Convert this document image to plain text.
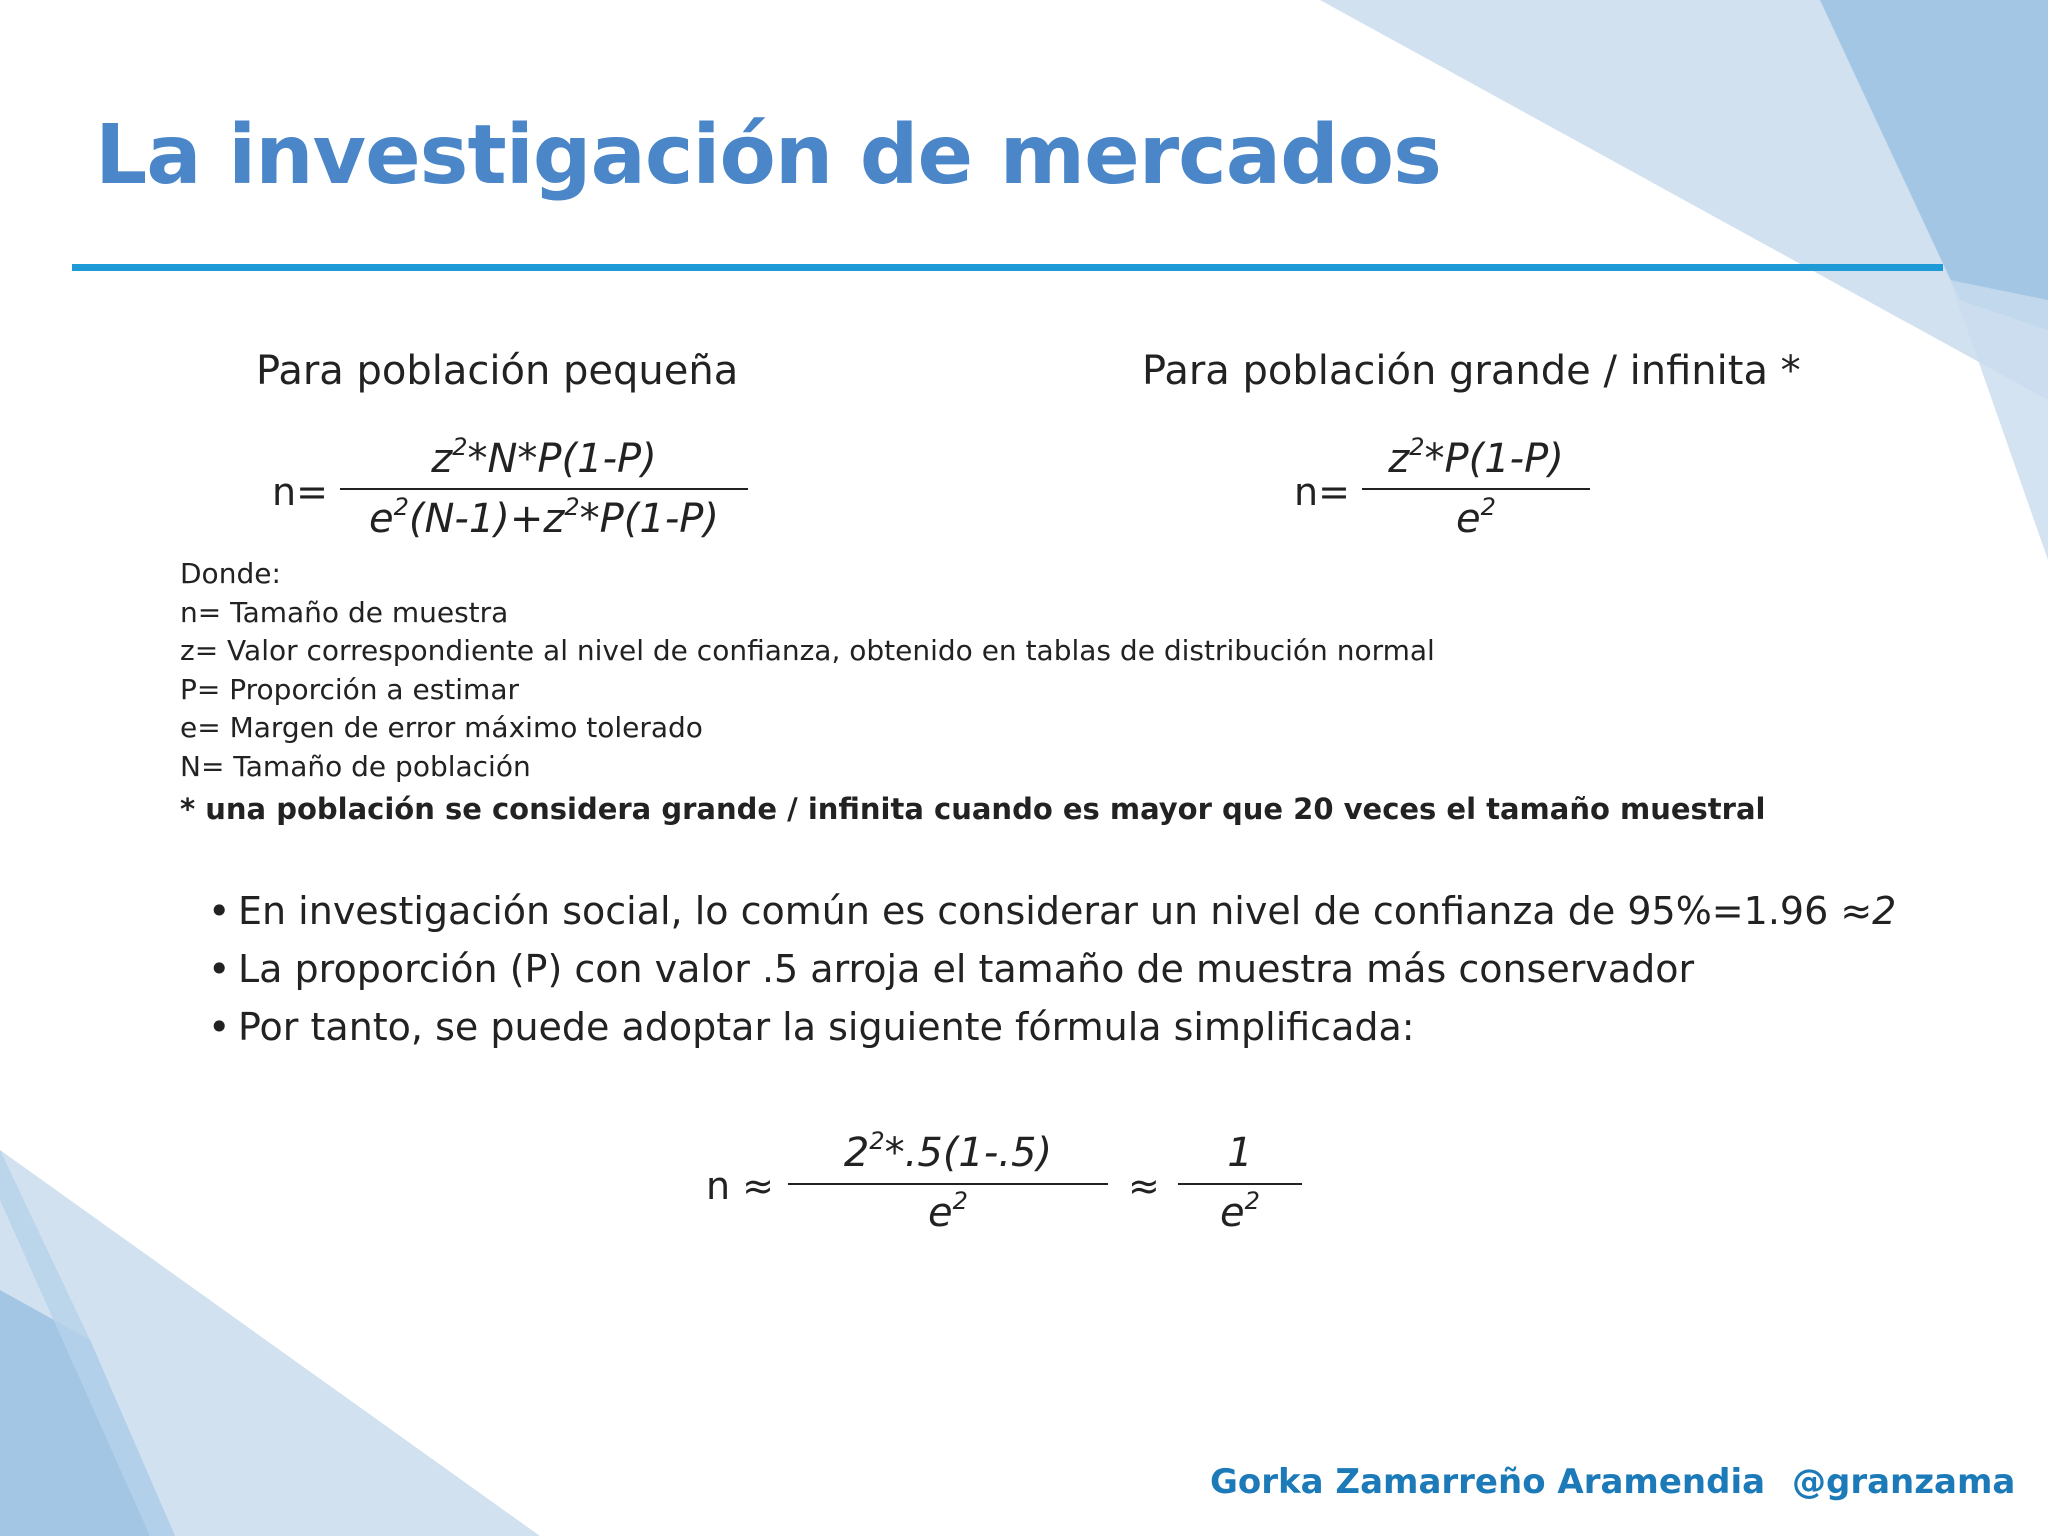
La investigación de mercados
Para población pequeña
n=
$z^2*N*P(1-P)$
$e^2(N-1)+z^2*P(1-P)$
Para población grande / infinita *
n=
$z^2*P(1-P)$
$e^2$
Donde:
n= Tamaño de muestra
z= Valor correspondiente al nivel de confianza, obtenido en tablas de distribución normal
P= Proporción a estimar
e= Margen de error máximo tolerado
N= Tamaño de población
* una población se considera grande / infinita cuando es mayor que 20 veces el tamaño muestral
• En investigación social, lo común es considerar un nivel de confianza de 95%=1.96 ≈2
• La proporción (P) con valor .5 arroja el tamaño de muestra más conservador
• Por tanto, se puede adoptar la siguiente fórmula simplificada:
n ≈
$2^2*.5(1-.5)$
$e^2$	≈
1
$e^2$
Gorka Zamarreño Aramendia @granzama
